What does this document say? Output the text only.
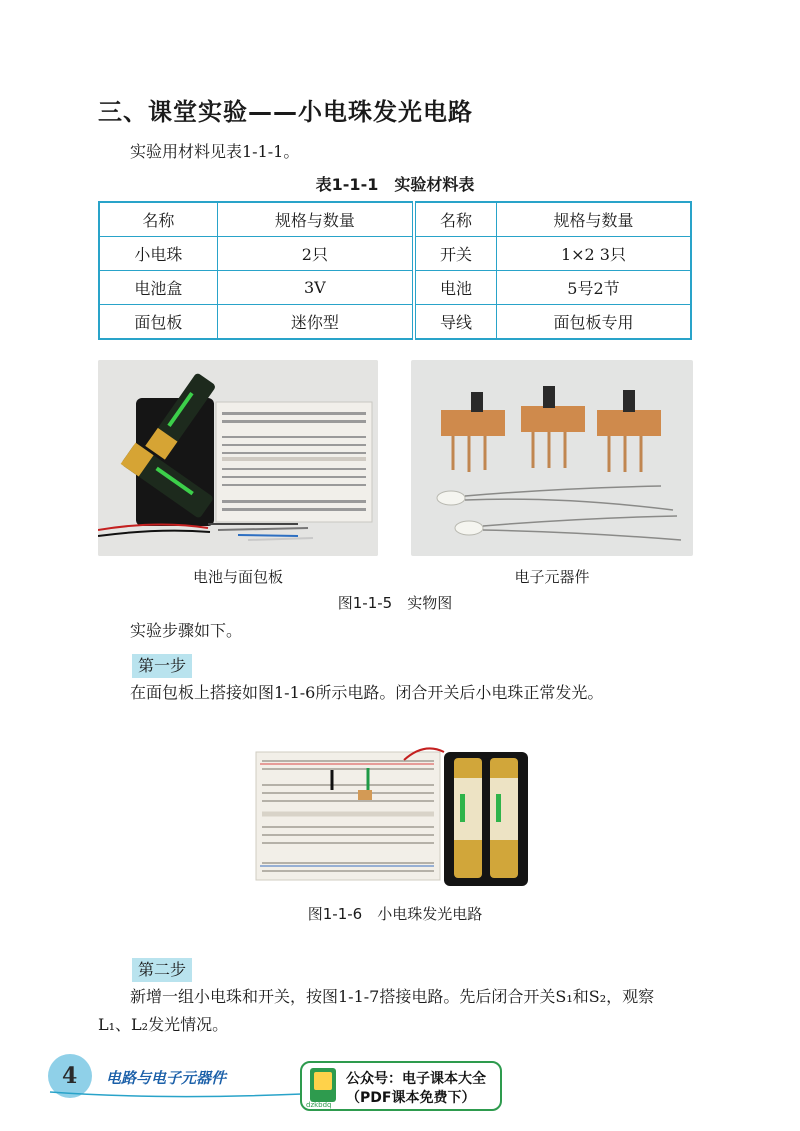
三、课堂实验——小电珠发光电路
实验用材料见表1-1-1。
表1-1-1　实验材料表
名称	规格与数量	名称	规格与数量
小电珠	2只	开关	1×2 3只
电池盒	3V	电池	5号2节
面包板	迷你型	导线	面包板专用
电池与面包板	电子元器件
图1-1-5　实物图
实验步骤如下。
第一步
在面包板上搭接如图1-1-6所示电路。闭合开关后小电珠正常发光。
图1-1-6　小电珠发光电路
第二步
新增一组小电珠和开关，按图1-1-7搭接电路。先后闭合开关S₁和S₂，观察
L₁、L₂发光情况。
4 电路与电子元器件
dzkbdq
公众号：电子课本大全
（PDF课本免费下）
